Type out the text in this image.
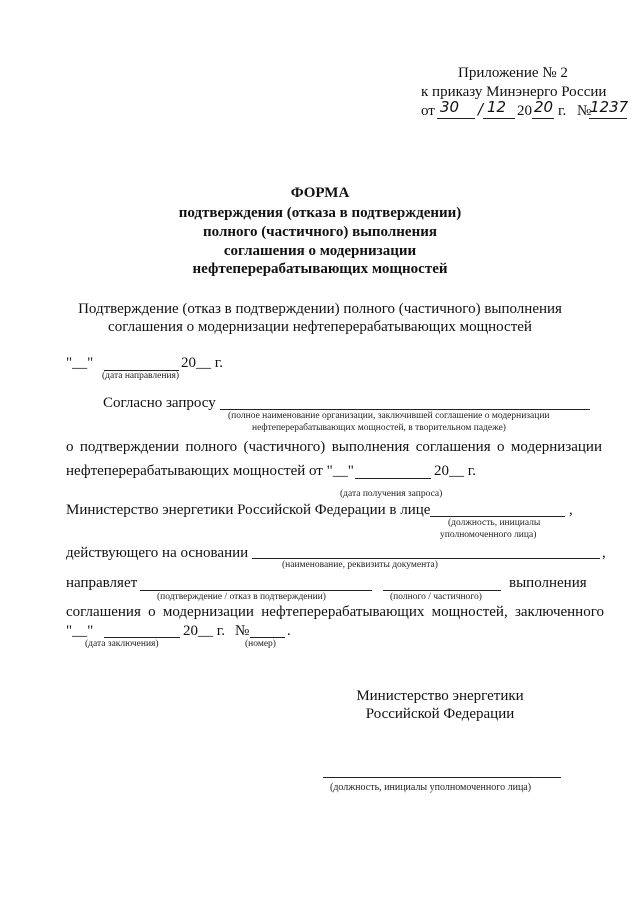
Приложение № 2
к приказу Минэнерго России
от 30 / 12 20 20 г. №
1237
ФОРМА
подтверждения (отказа в подтверждении)
полного (частичного) выполнения
соглашения о модернизации
нефтеперерабатывающих мощностей
Подтверждение (отказ в подтверждении) полного (частичного) выполнения
соглашения о модернизации нефтеперерабатывающих мощностей
"__"	20__ г.
(дата направления)
Согласно запросу
(полное наименование организации, заключившей соглашение о модернизации
нефтеперерабатывающих мощностей, в творительном падеже)
о подтверждении полного (частичного) выполнения соглашения о модернизации
нефтеперерабатывающих мощностей от "__"	20__ г.
(дата получения запроса)
Министерство энергетики Российской Федерации в лице	,
(должность, инициалы
уполномоченного лица)
действующего на основании	,
(наименование, реквизиты документа)
направляет	выполнения
(подтверждение / отказ в подтверждении)	(полного / частичного)
соглашения о модернизации нефтеперерабатывающих мощностей, заключенного
"__"	20__ г. №	.
(дата заключения)	(номер)
Министерство энергетики
Российской Федерации
(должность, инициалы уполномоченного лица)
